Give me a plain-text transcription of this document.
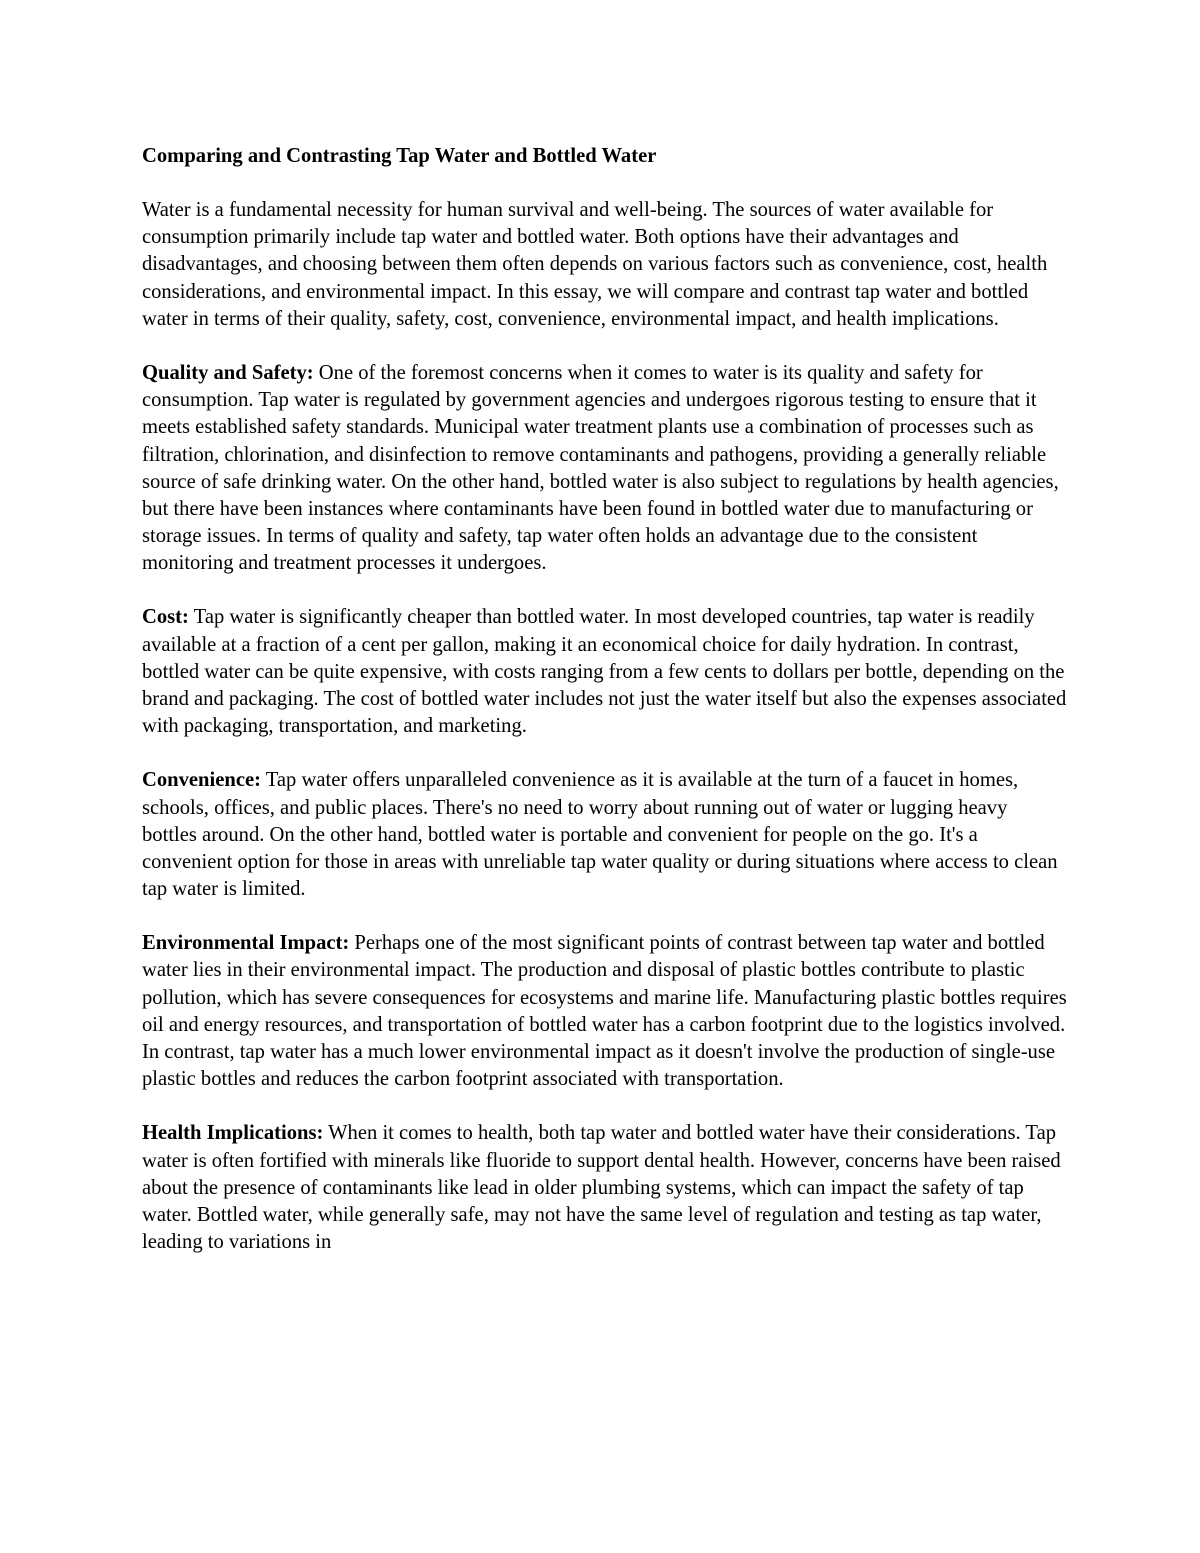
Comparing and Contrasting Tap Water and Bottled Water

Water is a fundamental necessity for human survival and well-being. The sources of water available for consumption primarily include tap water and bottled water. Both options have their advantages and disadvantages, and choosing between them often depends on various factors such as convenience, cost, health considerations, and environmental impact. In this essay, we will compare and contrast tap water and bottled water in terms of their quality, safety, cost, convenience, environmental impact, and health implications.

Quality and Safety: One of the foremost concerns when it comes to water is its quality and safety for consumption. Tap water is regulated by government agencies and undergoes rigorous testing to ensure that it meets established safety standards. Municipal water treatment plants use a combination of processes such as filtration, chlorination, and disinfection to remove contaminants and pathogens, providing a generally reliable source of safe drinking water. On the other hand, bottled water is also subject to regulations by health agencies, but there have been instances where contaminants have been found in bottled water due to manufacturing or storage issues. In terms of quality and safety, tap water often holds an advantage due to the consistent monitoring and treatment processes it undergoes.

Cost: Tap water is significantly cheaper than bottled water. In most developed countries, tap water is readily available at a fraction of a cent per gallon, making it an economical choice for daily hydration. In contrast, bottled water can be quite expensive, with costs ranging from a few cents to dollars per bottle, depending on the brand and packaging. The cost of bottled water includes not just the water itself but also the expenses associated with packaging, transportation, and marketing.

Convenience: Tap water offers unparalleled convenience as it is available at the turn of a faucet in homes, schools, offices, and public places. There's no need to worry about running out of water or lugging heavy bottles around. On the other hand, bottled water is portable and convenient for people on the go. It's a convenient option for those in areas with unreliable tap water quality or during situations where access to clean tap water is limited.

Environmental Impact: Perhaps one of the most significant points of contrast between tap water and bottled water lies in their environmental impact. The production and disposal of plastic bottles contribute to plastic pollution, which has severe consequences for ecosystems and marine life. Manufacturing plastic bottles requires oil and energy resources, and transportation of bottled water has a carbon footprint due to the logistics involved. In contrast, tap water has a much lower environmental impact as it doesn't involve the production of single-use plastic bottles and reduces the carbon footprint associated with transportation.

Health Implications: When it comes to health, both tap water and bottled water have their considerations. Tap water is often fortified with minerals like fluoride to support dental health. However, concerns have been raised about the presence of contaminants like lead in older plumbing systems, which can impact the safety of tap water. Bottled water, while generally safe, may not have the same level of regulation and testing as tap water, leading to variations in
